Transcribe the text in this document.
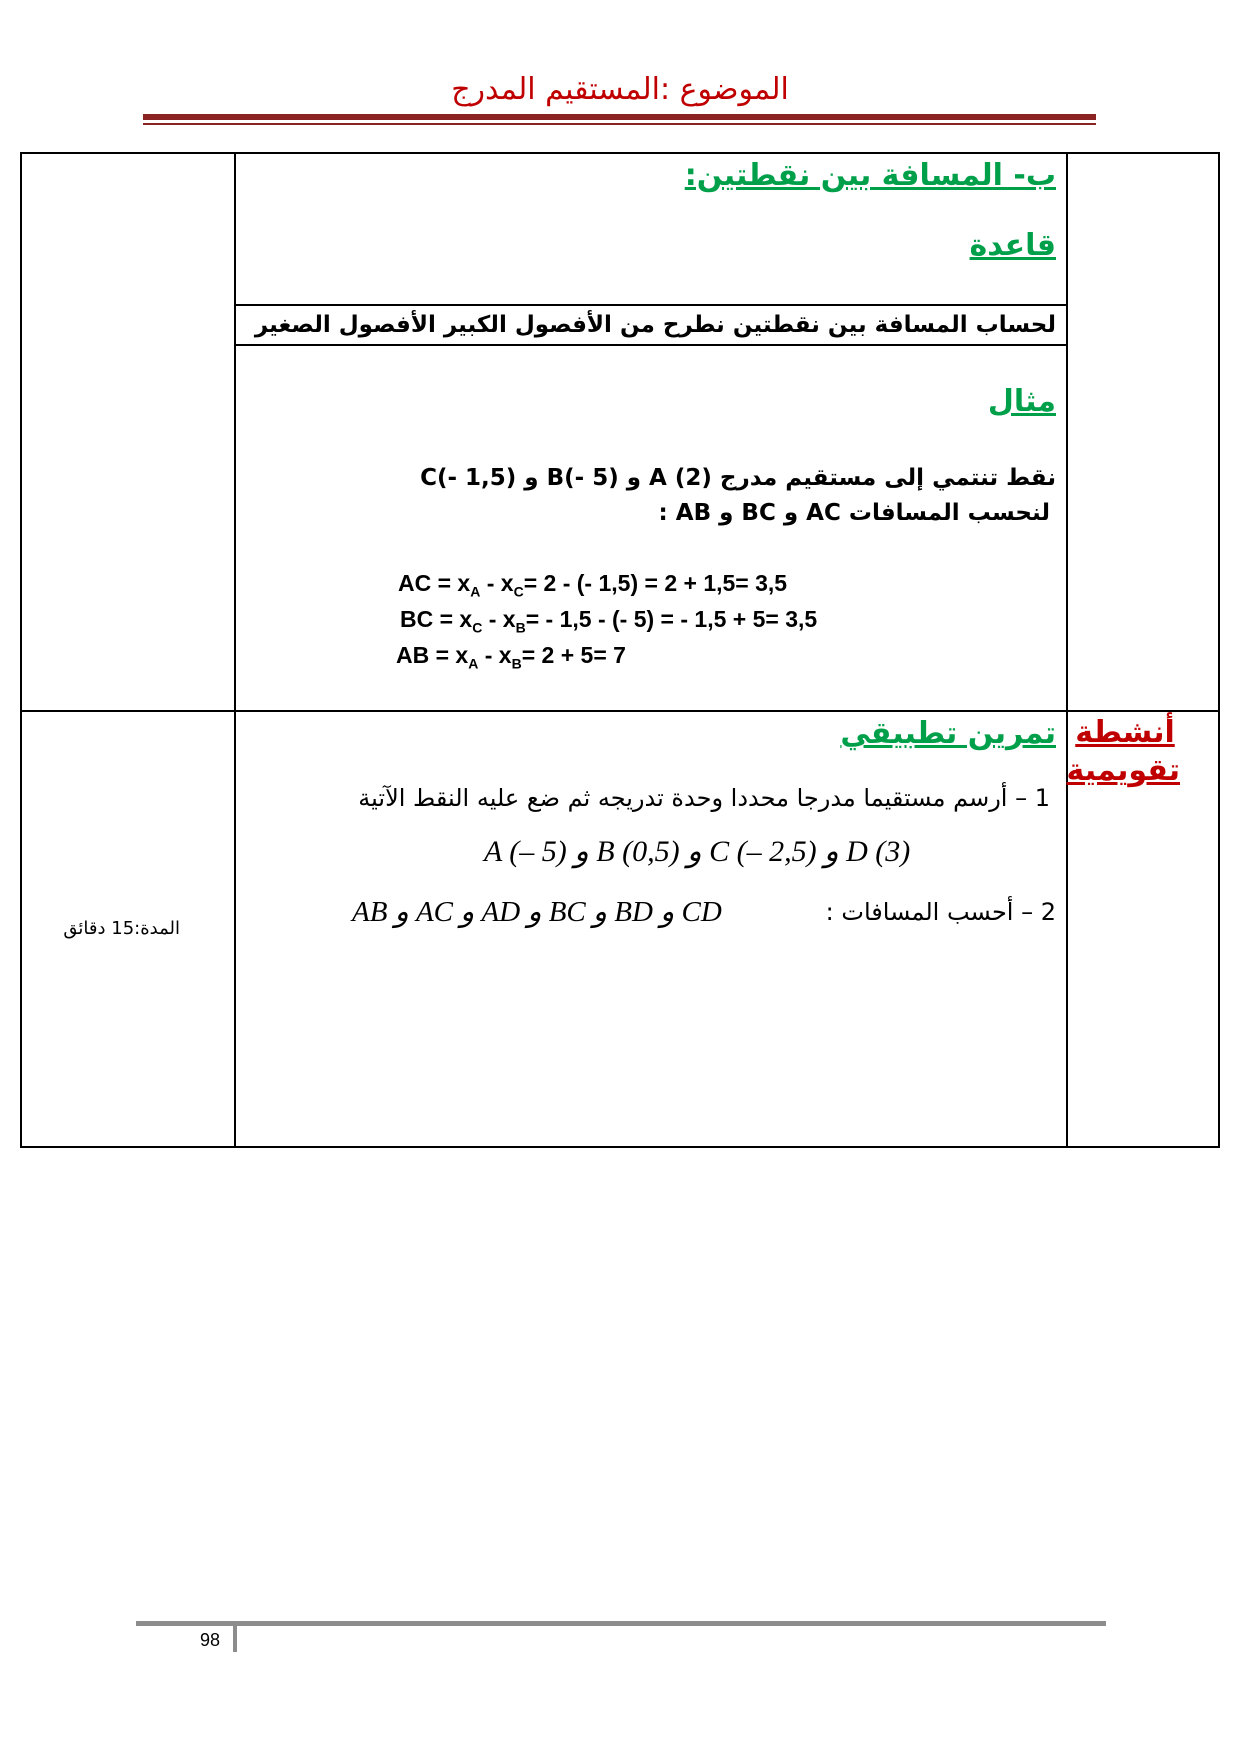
الموضوع :المستقيم المدرج
ب- المسافة بين نقطتين:
قاعدة
لحساب المسافة بين نقطتين نطرح من الأفصول الكبير الأفصول الصغير
مثال
نقط تنتمي إلى مستقيم مدرج A (2) و B(- 5) و C(- 1,5)
لنحسب المسافات AC و BC و AB :
AC = $x_A - x_C= 2$ - (- 1,5) = 2 + 1,5= 3,5
BC = $x_C - x_B= - 1,5$ - (- 5) = - 1,5 + 5= 3,5
AB = $x_A - x_B= 2 + 5= 7$
تمرين تطبيقي أنشطة تقويمية
1 – أرسم مستقيما مدرجا محددا وحدة تدريجه ثم ضع عليه النقط الآتية
A (– 5) و B (0,5) و C (– 2,5) و D (3)
2 – أحسب المسافات :
AB و AC و AD و BC و BD و CD
المدة:15 دقائق
98
